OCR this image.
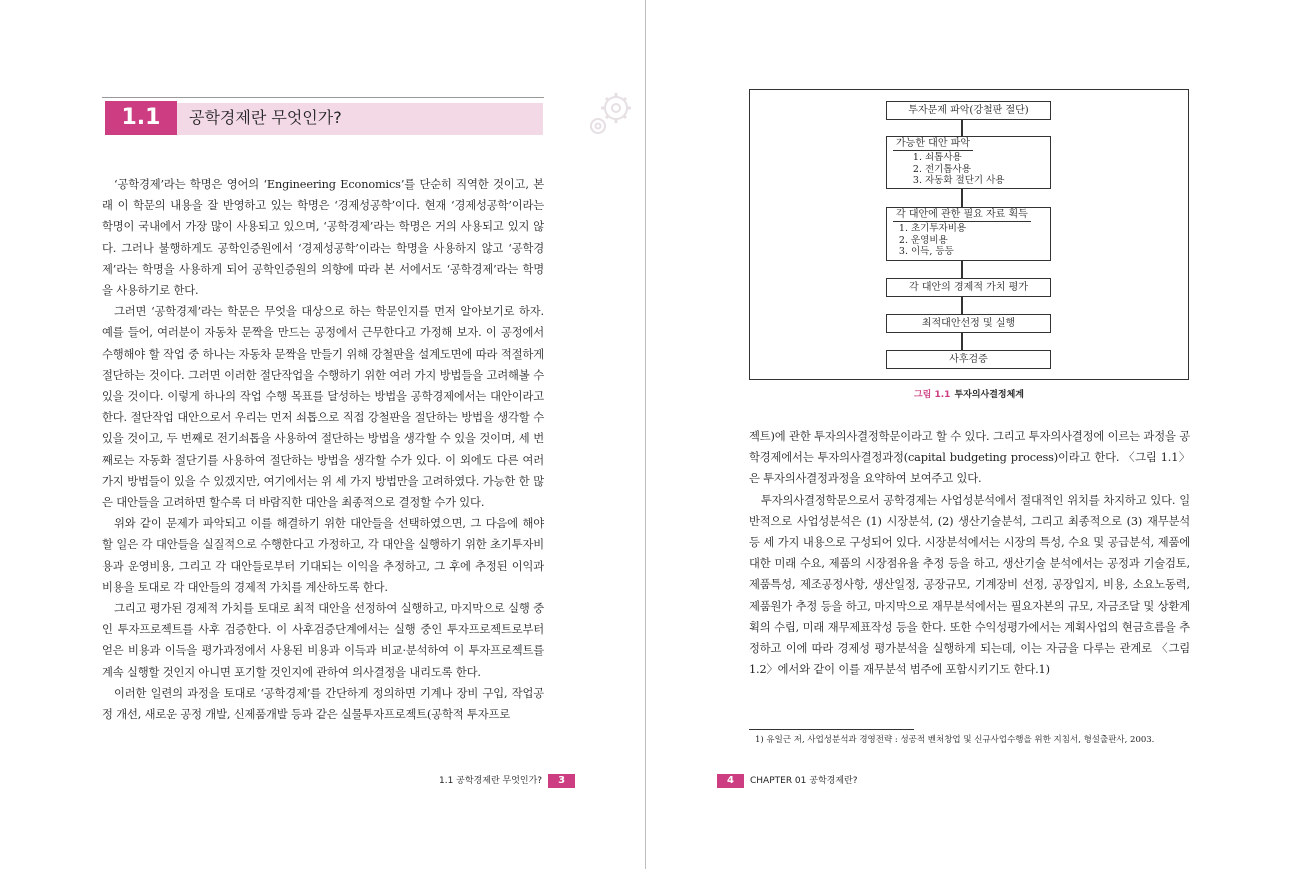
1.1	공학경제란 무엇인가?

‘공학경제’라는 학명은 영어의 ‘Engineering Economics’를 단순히 직역한 것이고, 본래 이 학문의 내용을 잘 반영하고 있는 학명은 ‘경제성공학’이다. 현재 ‘경제성공학’이라는 학명이 국내에서 가장 많이 사용되고 있으며, ‘공학경제’라는 학명은 거의 사용되고 있지 않다. 그러나 불행하게도 공학인증원에서 ‘경제성공학’이라는 학명을 사용하지 않고 ‘공학경제’라는 학명을 사용하게 되어 공학인증원의 의향에 따라 본 서에서도 ‘공학경제’라는 학명을 사용하기로 한다.

그러면 ‘공학경제’라는 학문은 무엇을 대상으로 하는 학문인지를 먼저 알아보기로 하자. 예를 들어, 여러분이 자동차 문짝을 만드는 공정에서 근무한다고 가정해 보자. 이 공정에서 수행해야 할 작업 중 하나는 자동차 문짝을 만들기 위해 강철판을 설계도면에 따라 적절하게 절단하는 것이다. 그러면 이러한 절단작업을 수행하기 위한 여러 가지 방법들을 고려해볼 수 있을 것이다. 이렇게 하나의 작업 수행 목표를 달성하는 방법을 공학경제에서는 대안이라고 한다. 절단작업 대안으로서 우리는 먼저 쇠톱으로 직접 강철판을 절단하는 방법을 생각할 수 있을 것이고, 두 번째로 전기쇠톱을 사용하여 절단하는 방법을 생각할 수 있을 것이며, 세 번째로는 자동화 절단기를 사용하여 절단하는 방법을 생각할 수가 있다. 이 외에도 다른 여러 가지 방법들이 있을 수 있겠지만, 여기에서는 위 세 가지 방법만을 고려하였다. 가능한 한 많은 대안들을 고려하면 할수록 더 바람직한 대안을 최종적으로 결정할 수가 있다.

위와 같이 문제가 파악되고 이를 해결하기 위한 대안들을 선택하였으면, 그 다음에 해야 할 일은 각 대안들을 실질적으로 수행한다고 가정하고, 각 대안을 실행하기 위한 초기투자비용과 운영비용, 그리고 각 대안들로부터 기대되는 이익을 추정하고, 그 후에 추정된 이익과 비용을 토대로 각 대안들의 경제적 가치를 계산하도록 한다.

그리고 평가된 경제적 가치를 토대로 최적 대안을 선정하여 실행하고, 마지막으로 실행 중인 투자프로젝트를 사후 검증한다. 이 사후검증단계에서는 실행 중인 투자프로젝트로부터 얻은 비용과 이득을 평가과정에서 사용된 비용과 이득과 비교·분석하여 이 투자프로젝트를 계속 실행할 것인지 아니면 포기할 것인지에 관하여 의사결정을 내리도록 한다.

이러한 일련의 과정을 토대로 ‘공학경제’를 간단하게 정의하면 기계나 장비 구입, 작업공정 개선, 새로운 공정 개발, 신제품개발 등과 같은 실물투자프로젝트(공학적 투자프로

1.1 공학경제란 무엇인가? 3
투자문제 파악(강철판 절단)
가능한 대안 파악
1. 쇠톱사용
2. 전기톱사용
3. 자동화 절단기 사용
각 대안에 관한 필요 자료 획득
1. 초기투자비용
2. 운영비용
3. 이득, 등등
각 대안의 경제적 가치 평가
최적대안선정 및 실행
사후검증
그림 1.1 투자의사결정체계

젝트)에 관한 투자의사결정학문이라고 할 수 있다. 그리고 투자의사결정에 이르는 과정을 공학경제에서는 투자의사결정과정(capital budgeting process)이라고 한다. 〈그림 1.1〉은 투자의사결정과정을 요약하여 보여주고 있다.

투자의사결정학문으로서 공학경제는 사업성분석에서 절대적인 위치를 차지하고 있다. 일반적으로 사업성분석은 (1) 시장분석, (2) 생산기술분석, 그리고 최종적으로 (3) 재무분석 등 세 가지 내용으로 구성되어 있다. 시장분석에서는 시장의 특성, 수요 및 공급분석, 제품에 대한 미래 수요, 제품의 시장점유율 추정 등을 하고, 생산기술 분석에서는 공정과 기술검토, 제품특성, 제조공정사항, 생산일정, 공장규모, 기계장비 선정, 공장입지, 비용, 소요노동력, 제품원가 추정 등을 하고, 마지막으로 재무분석에서는 필요자본의 규모, 자금조달 및 상환계획의 수립, 미래 재무제표작성 등을 한다. 또한 수익성평가에서는 계획사업의 현금흐름을 추정하고 이에 따라 경제성 평가분석을 실행하게 되는데, 이는 자금을 다루는 관계로 〈그림 1.2〉에서와 같이 이를 재무분석 범주에 포함시키기도 한다.1)

1) 유일근 저, 사업성분석과 경영전략 : 성공적 벤처창업 및 신규사업수행을 위한 지침서, 형설출판사, 2003.
4 CHAPTER 01 공학경제란?
